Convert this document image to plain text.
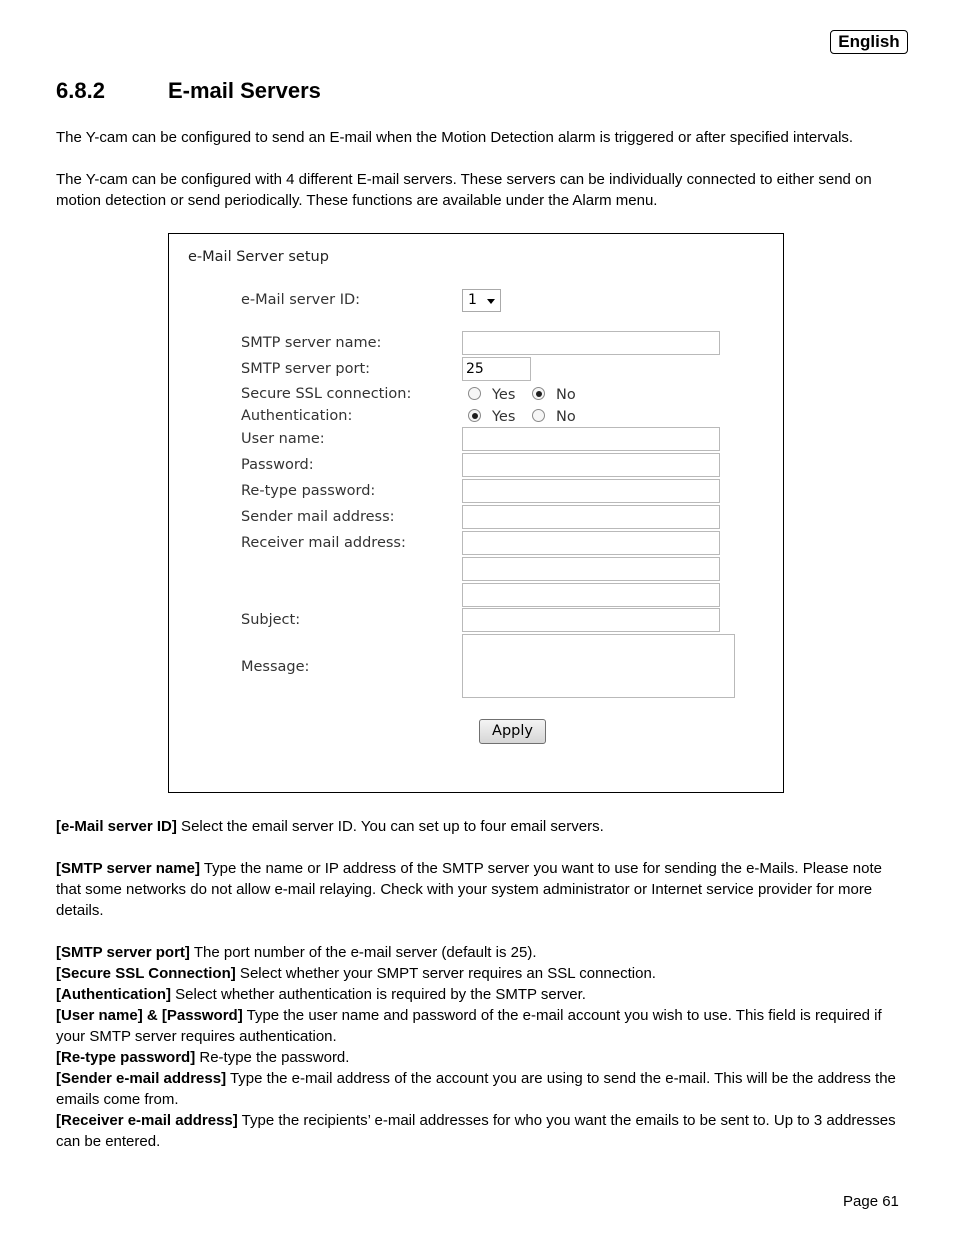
English
6.8.2	E-mail Servers

The Y-cam can be configured to send an E-mail when the Motion Detection alarm is triggered or after specified intervals.

The Y-cam can be configured with 4 different E-mail servers. These servers can be individually connected to either send on motion detection or send periodically. These functions are available under the Alarm menu.

e-Mail Server setup
e-Mail server ID:	1
SMTP server name:
SMTP server port:	25
Secure SSL connection:	Yes	No
Authentication:	Yes	No
User name:
Password:
Re-type password:
Sender mail address:
Receiver mail address:
Subject:
Message:
Apply

[e-Mail server ID] Select the email server ID. You can set up to four email servers.

[SMTP server name] Type the name or IP address of the SMTP server you want to use for sending the e-Mails. Please note that some networks do not allow e-mail relaying. Check with your system administrator or Internet service provider for more details.

[SMTP server port] The port number of the e-mail server (default is 25).

[Secure SSL Connection] Select whether your SMPT server requires an SSL connection.

[Authentication] Select whether authentication is required by the SMTP server.

[User name] & [Password] Type the user name and password of the e-mail account you wish to use. This field is required if your SMTP server requires authentication.

[Re-type password] Re-type the password.

[Sender e-mail address] Type the e-mail address of the account you are using to send the e-mail. This will be the address the emails come from.

[Receiver e-mail address] Type the recipients’ e-mail addresses for who you want the emails to be sent to. Up to 3 addresses can be entered.

Page 61
